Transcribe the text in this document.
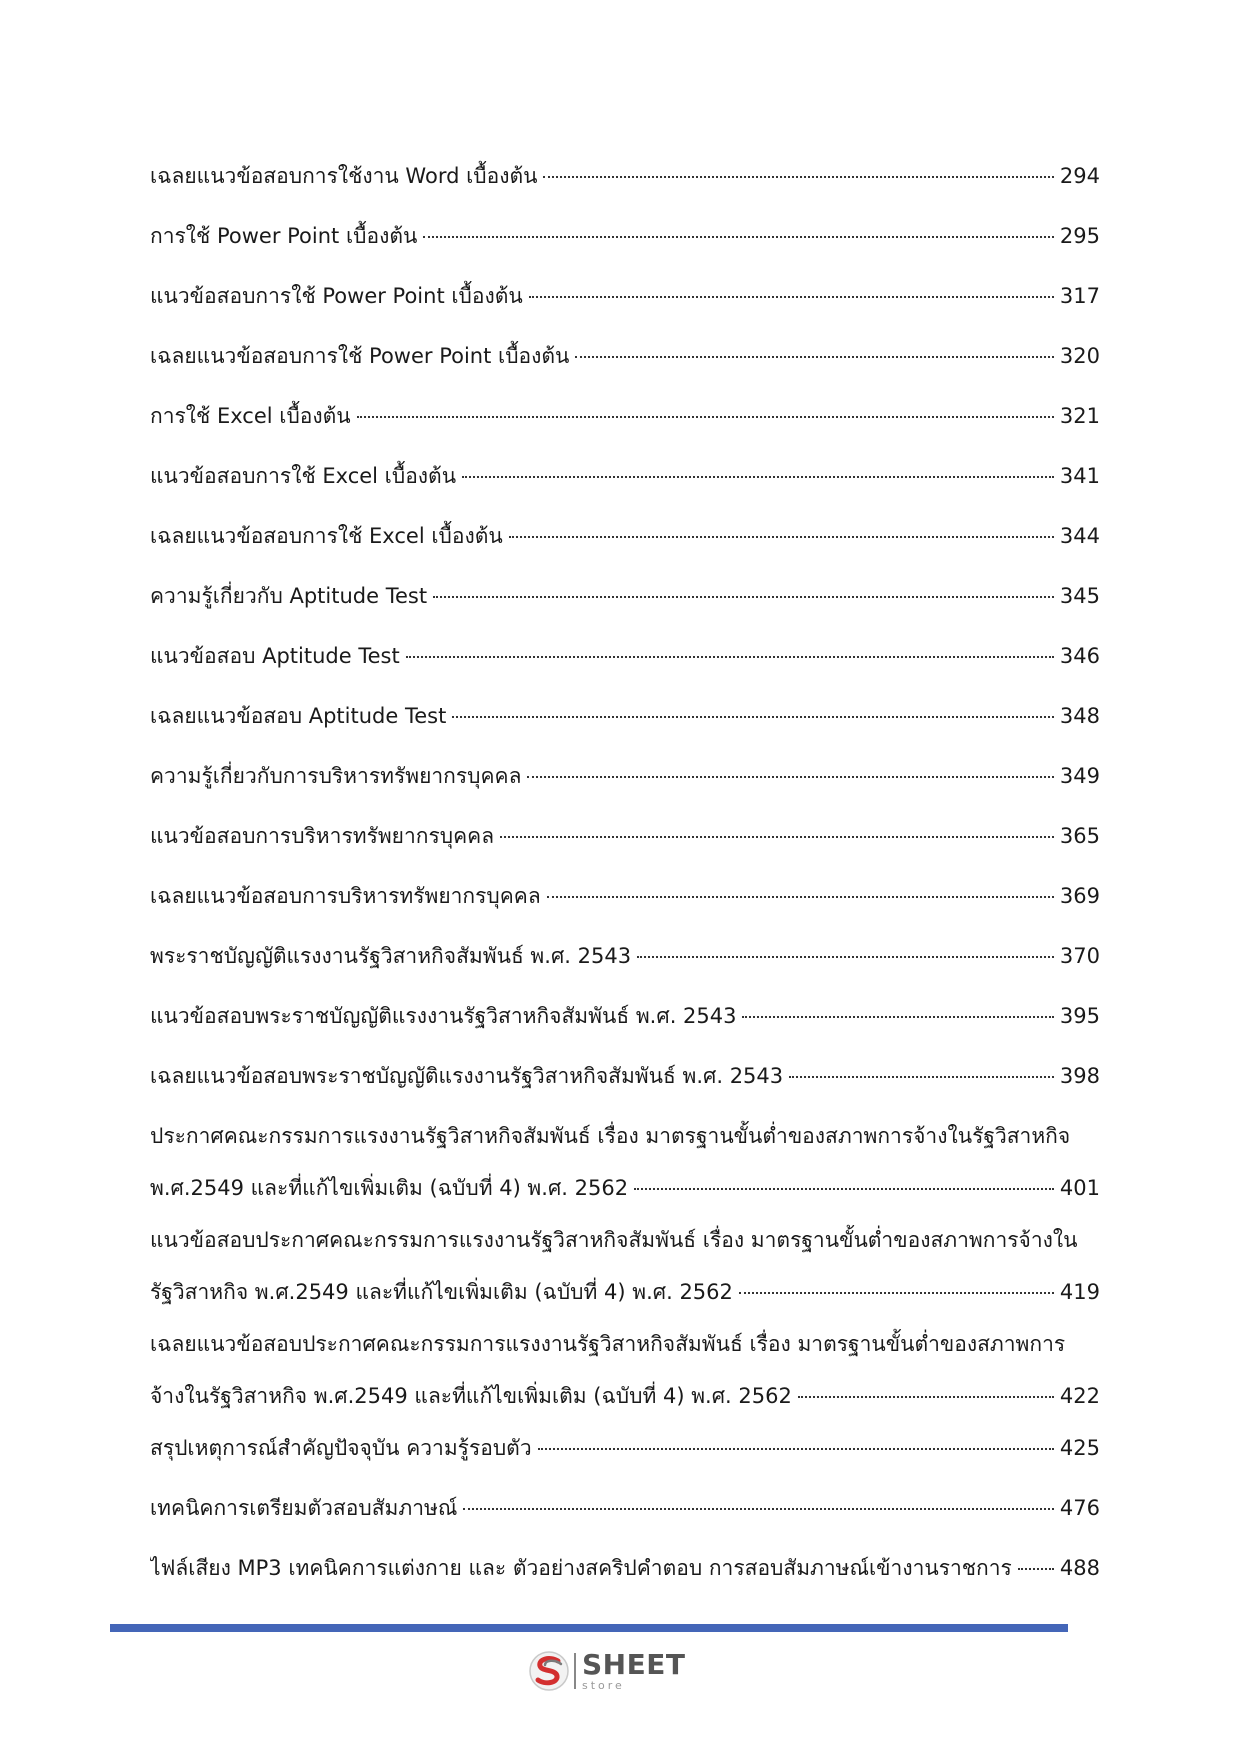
เฉลยแนวข้อสอบการใช้งาน Word เบื้องต้น	294
การใช้ Power Point เบื้องต้น	295
แนวข้อสอบการใช้ Power Point เบื้องต้น	317
เฉลยแนวข้อสอบการใช้ Power Point เบื้องต้น	320
การใช้ Excel เบื้องต้น	321
แนวข้อสอบการใช้ Excel เบื้องต้น	341
เฉลยแนวข้อสอบการใช้ Excel เบื้องต้น	344
ความรู้เกี่ยวกับ Aptitude Test	345
แนวข้อสอบ Aptitude Test	346
เฉลยแนวข้อสอบ Aptitude Test	348
ความรู้เกี่ยวกับการบริหารทรัพยากรบุคคล	349
แนวข้อสอบการบริหารทรัพยากรบุคคล	365
เฉลยแนวข้อสอบการบริหารทรัพยากรบุคคล	369
พระราชบัญญัติแรงงานรัฐวิสาหกิจสัมพันธ์ พ.ศ. 2543	370
แนวข้อสอบพระราชบัญญัติแรงงานรัฐวิสาหกิจสัมพันธ์ พ.ศ. 2543	395
เฉลยแนวข้อสอบพระราชบัญญัติแรงงานรัฐวิสาหกิจสัมพันธ์ พ.ศ. 2543	398
ประกาศคณะกรรมการแรงงานรัฐวิสาหกิจสัมพันธ์ เรื่อง มาตรฐานขั้นต่ำของสภาพการจ้างในรัฐวิสาหกิจ
พ.ศ.2549 และที่แก้ไขเพิ่มเติม (ฉบับที่ 4) พ.ศ. 2562	401
แนวข้อสอบประกาศคณะกรรมการแรงงานรัฐวิสาหกิจสัมพันธ์ เรื่อง มาตรฐานขั้นต่ำของสภาพการจ้างใน
รัฐวิสาหกิจ พ.ศ.2549 และที่แก้ไขเพิ่มเติม (ฉบับที่ 4) พ.ศ. 2562	419
เฉลยแนวข้อสอบประกาศคณะกรรมการแรงงานรัฐวิสาหกิจสัมพันธ์ เรื่อง มาตรฐานขั้นต่ำของสภาพการ
จ้างในรัฐวิสาหกิจ พ.ศ.2549 และที่แก้ไขเพิ่มเติม (ฉบับที่ 4) พ.ศ. 2562	422
สรุปเหตุการณ์สำคัญปัจจุบัน ความรู้รอบตัว	425
เทคนิคการเตรียมตัวสอบสัมภาษณ์	476
ไฟล์เสียง MP3 เทคนิคการแต่งกาย และ ตัวอย่างสคริปคำตอบ การสอบสัมภาษณ์เข้างานราชการ 488
SHEET
store
